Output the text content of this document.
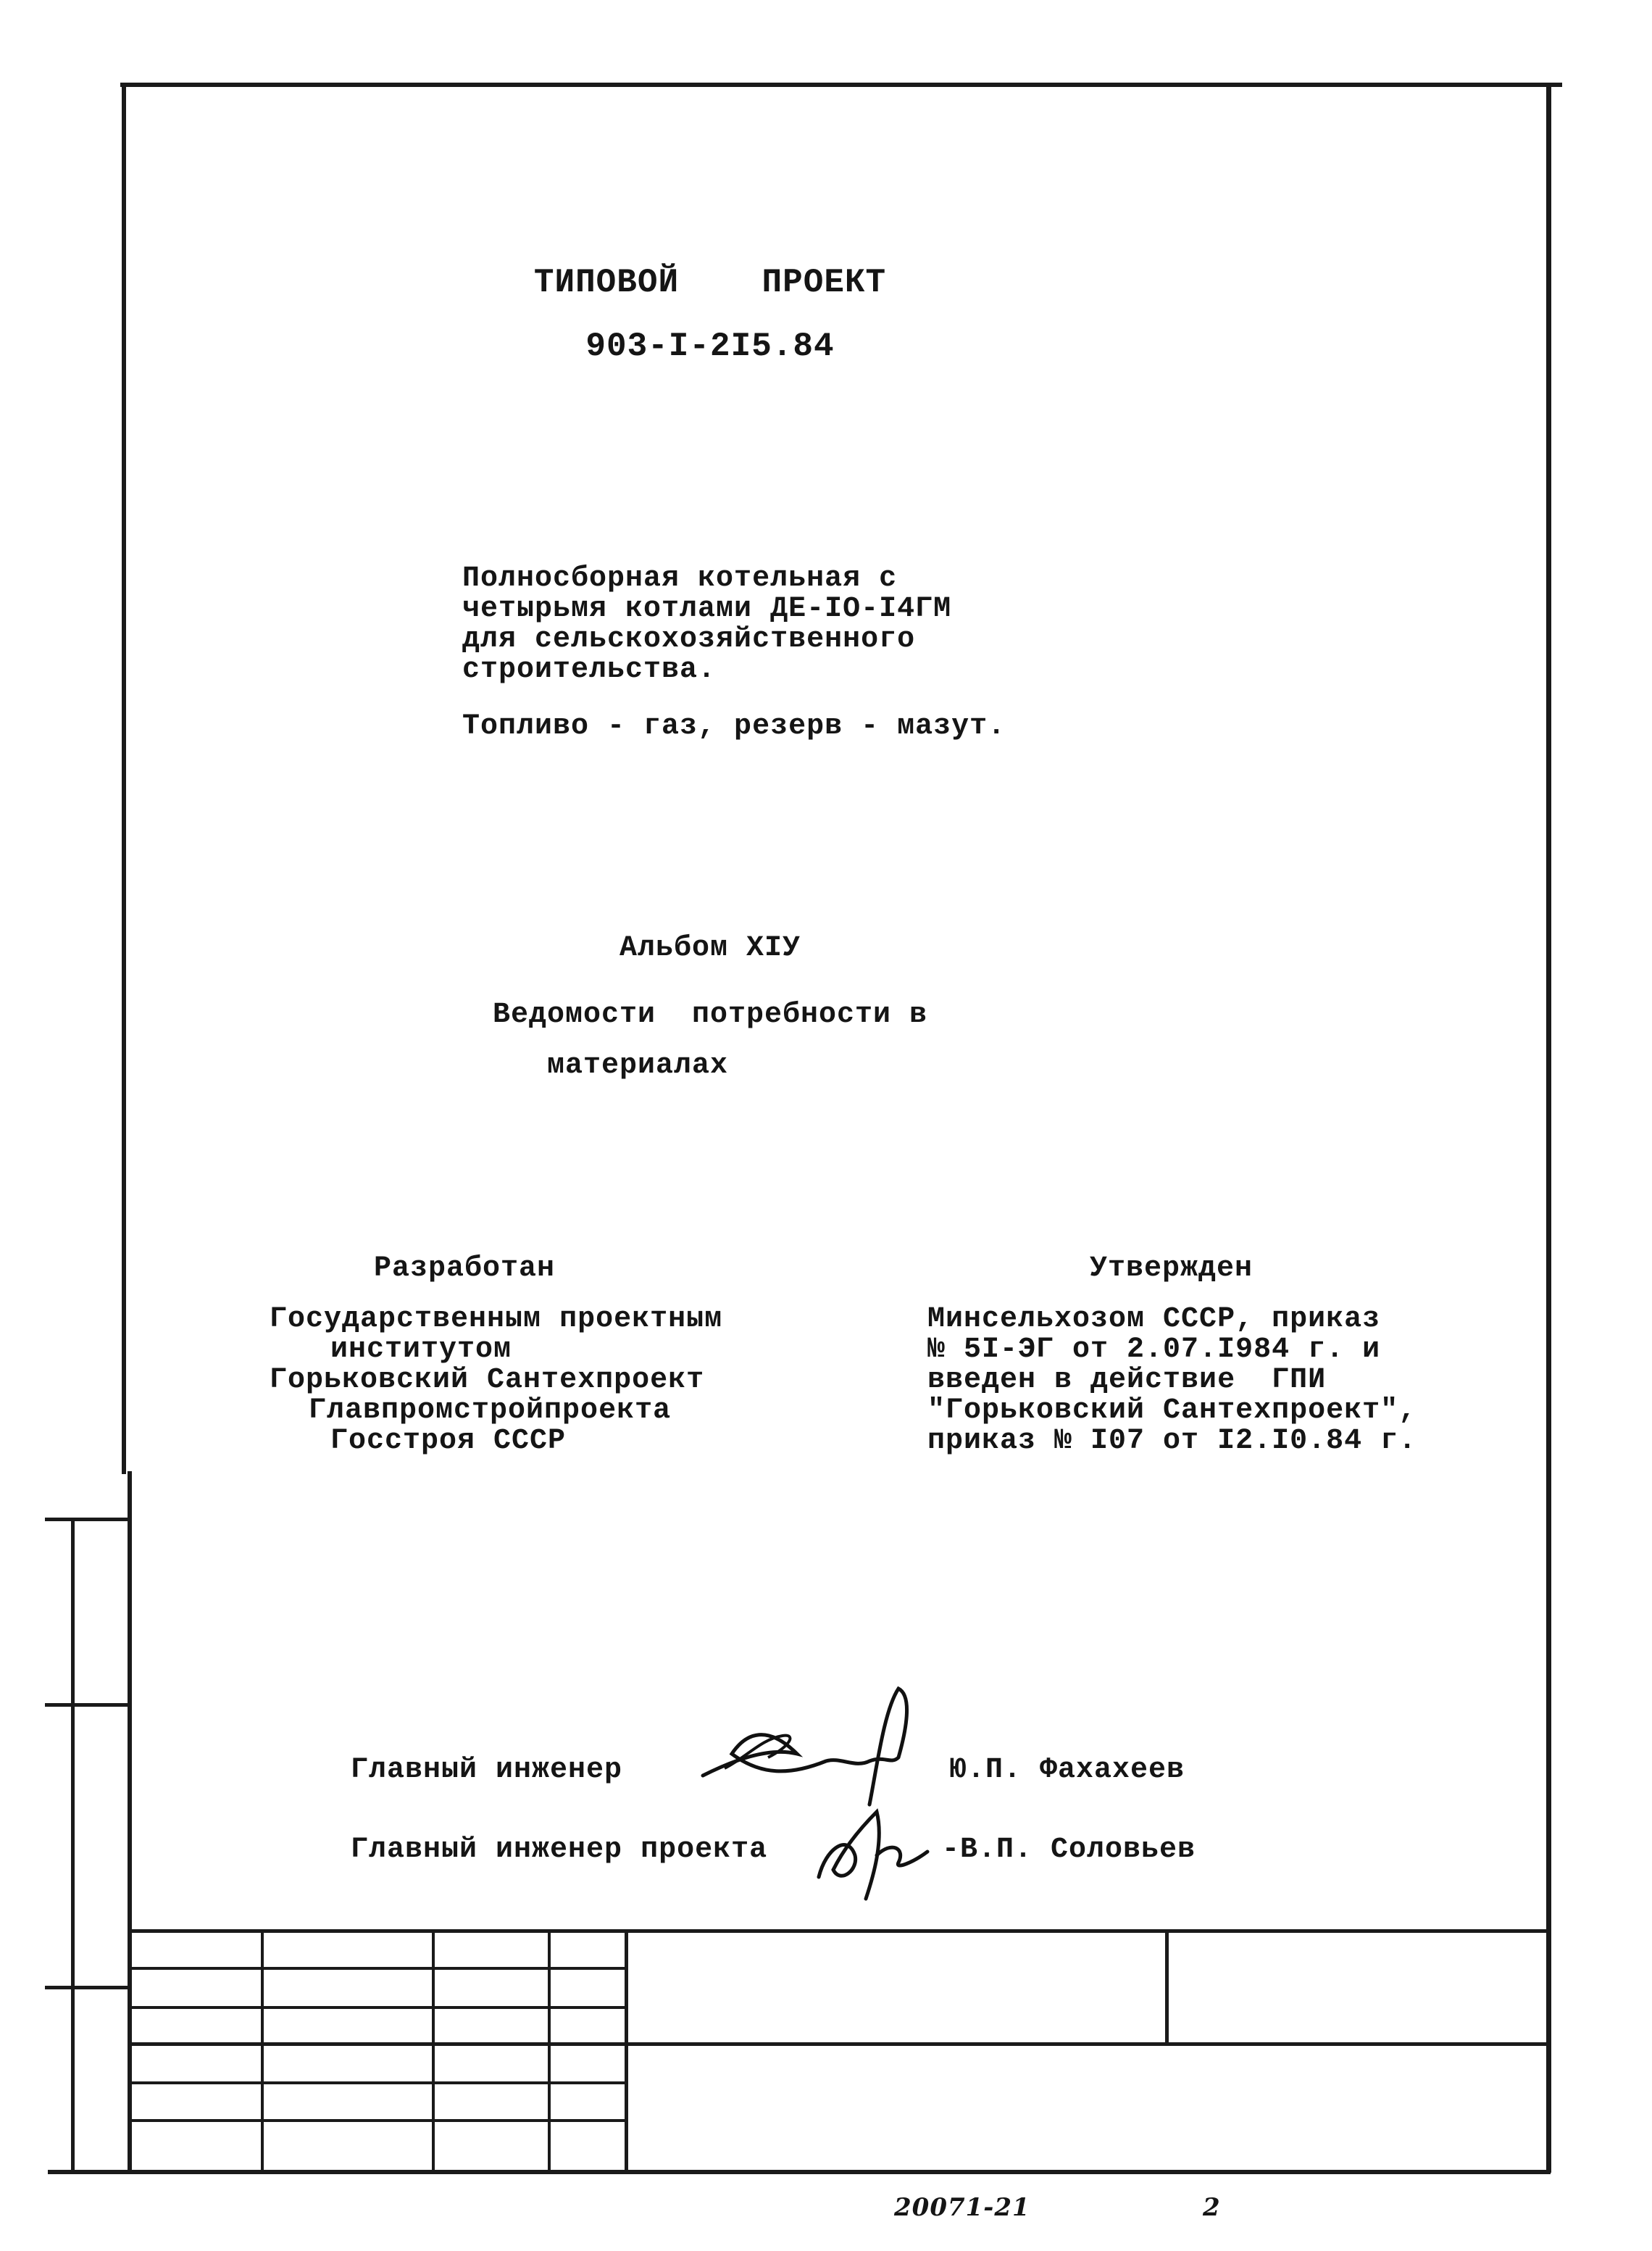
ТИПОВОЙ    ПРОЕКТ
903-I-2I5.84
Полносборная котельная с
четырьмя котлами ДЕ-IO-I4ГМ
для сельскохозяйственного
строительства.
Топливо - газ, резерв - мазут.
Альбом XIУ
Ведомости  потребности в
материалах
Разработан
Государственным проектным
институтом
Горьковский Сантехпроект
Главпромстройпроекта
Госстроя СССР
Утвержден
Минсельхозом СССР, приказ
№ 5I-ЭГ от 2.07.I984 г. и
введен в действие  ГПИ
"Горьковский Сантехпроект",
приказ № I07 от I2.I0.84 г.
Главный инженер	Ю.П. Фахахеев
Главный инженер проекта	-В.П. Соловьев
20071-21	2
